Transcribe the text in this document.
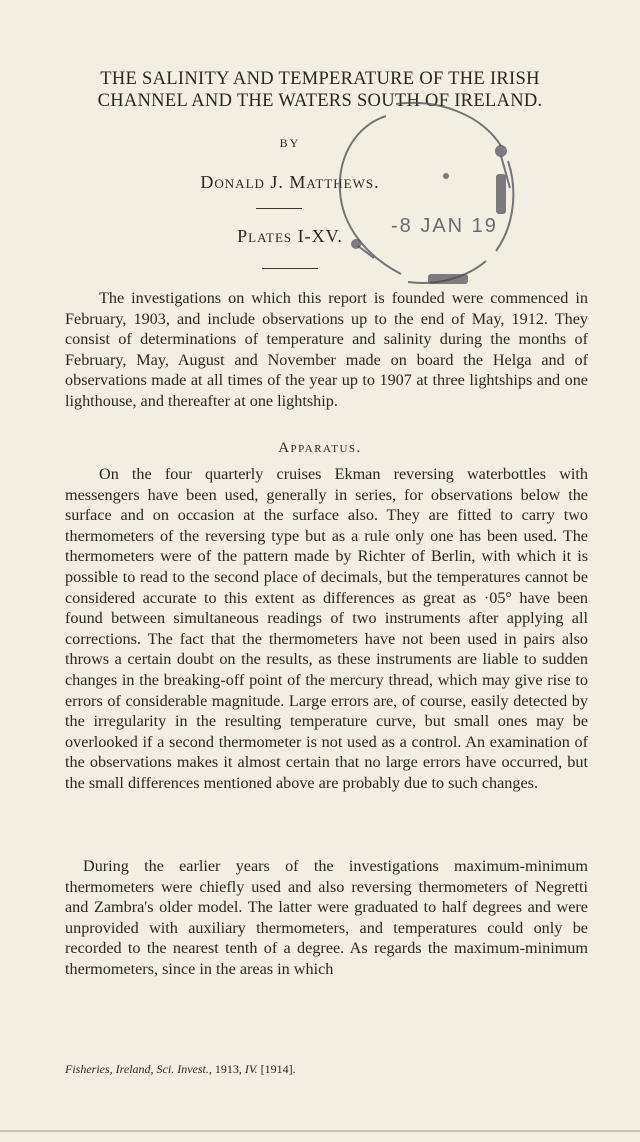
THE SALINITY AND TEMPERATURE OF THE IRISH
CHANNEL AND THE WATERS SOUTH OF IRELAND.
BY
Donald J. Matthews.
Plates I-XV.	-8 JAN 19
The investigations on which this report is founded were commenced in February, 1903, and include observations up to the end of May, 1912. They consist of determinations of temperature and salinity during the months of February, May, August and November made on board the Helga and of observations made at all times of the year up to 1907 at three lightships and one lighthouse, and thereafter at one lightship.
Apparatus.
On the four quarterly cruises Ekman reversing waterbottles with messengers have been used, generally in series, for observations below the surface and on occasion at the surface also. They are fitted to carry two thermometers of the reversing type but as a rule only one has been used. The thermometers were of the pattern made by Richter of Berlin, with which it is possible to read to the second place of decimals, but the temperatures cannot be considered accurate to this extent as differences as great as ·05° have been found between simultaneous readings of two instruments after applying all corrections. The fact that the thermometers have not been used in pairs also throws a certain doubt on the results, as these instruments are liable to sudden changes in the breaking-off point of the mercury thread, which may give rise to errors of considerable magnitude. Large errors are, of course, easily detected by the irregularity in the resulting temperature curve, but small ones may be overlooked if a second thermometer is not used as a control. An examination of the observations makes it almost certain that no large errors have occurred, but the small differences mentioned above are probably due to such changes.
During the earlier years of the investigations maximum-minimum thermometers were chiefly used and also reversing thermometers of Negretti and Zambra's older model. The latter were graduated to half degrees and were unprovided with auxiliary thermometers, and temperatures could only be recorded to the nearest tenth of a degree. As regards the maximum-minimum thermometers, since in the areas in which
Fisheries, Ireland, Sci. Invest., 1913, IV. [1914].
